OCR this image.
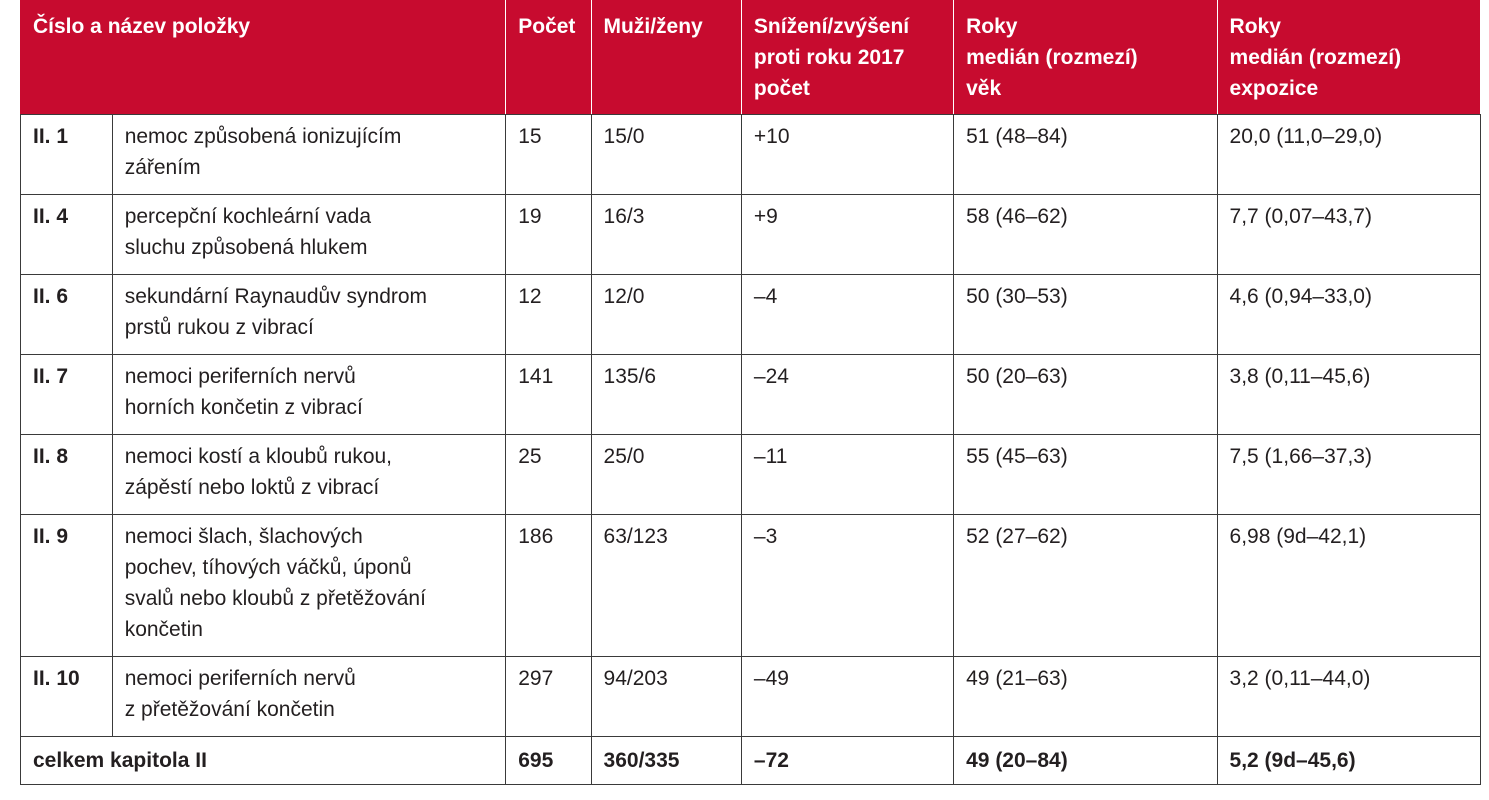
Číslo a název položky		Počet	Muži/ženy	Snížení/zvýšení
proti roku 2017
počet	Roky
medián (rozmezí)
věk	Roky
medián (rozmezí)
expozice
II. 1	nemoc způsobená ionizujícím
zářením	15	15/0	+10	51 (48–84)	20,0 (11,0–29,0)
II. 4	percepční kochleární vada
sluchu způsobená hlukem	19	16/3	+9	58 (46–62)	7,7 (0,07–43,7)
II. 6	sekundární Raynaudův syndrom
prstů rukou z vibrací	12	12/0	–4	50 (30–53)	4,6 (0,94–33,0)
II. 7	nemoci periferních nervů
horních končetin z vibrací	141	135/6	–24	50 (20–63)	3,8 (0,11–45,6)
II. 8	nemoci kostí a kloubů rukou,
zápěstí nebo loktů z vibrací	25	25/0	–11	55 (45–63)	7,5 (1,66–37,3)
II. 9	nemoci šlach, šlachových
pochev, tíhových váčků, úponů
svalů nebo kloubů z přetěžování
končetin	186	63/123	–3	52 (27–62)	6,98 (9d–42,1)
II. 10	nemoci periferních nervů
z přetěžování končetin	297	94/203	–49	49 (21–63)	3,2 (0,11–44,0)
celkem kapitola II		695	360/335	–72	49 (20–84)	5,2 (9d–45,6)
